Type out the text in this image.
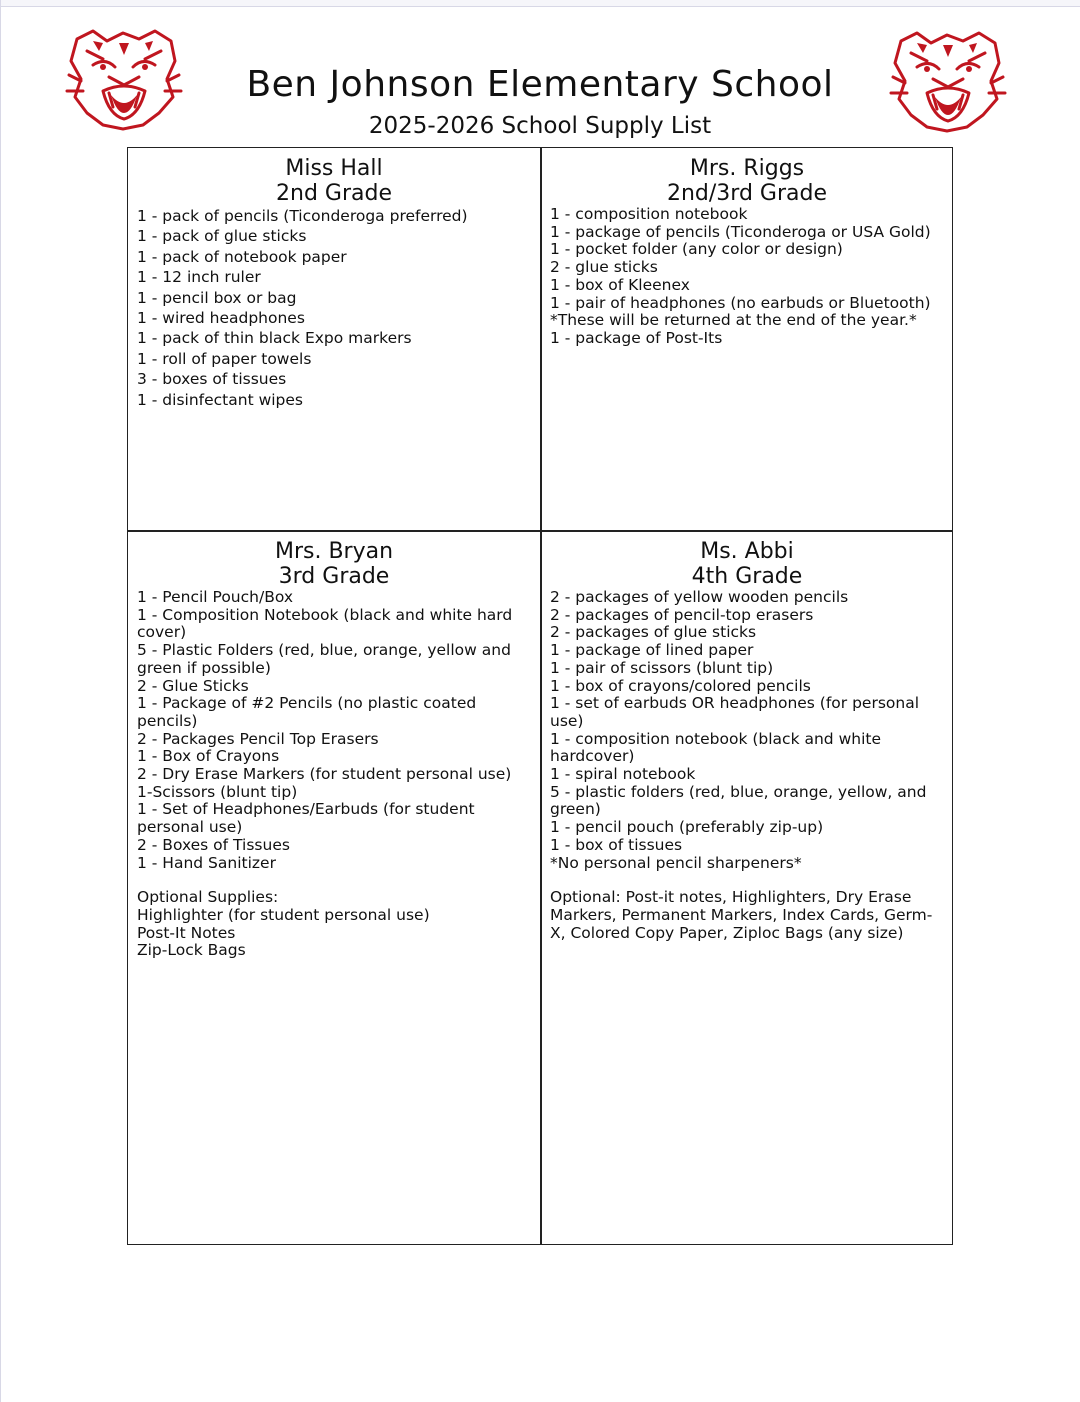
Ben Johnson Elementary School
2025-2026 School Supply List

Miss Hall

2nd Grade

1 - pack of pencils (Ticonderoga preferred)
1 - pack of glue sticks
1 - pack of notebook paper
1 - 12 inch ruler
1 - pencil box or bag
1 - wired headphones
1 - pack of thin black Expo markers
1 - roll of paper towels
3 - boxes of tissues
1 - disinfectant wipes

Mrs. Riggs

2nd/3rd Grade

1 - composition notebook
1 - package of pencils (Ticonderoga or USA Gold)
1 - pocket folder (any color or design)
2 - glue sticks
1 - box of Kleenex
1 - pair of headphones (no earbuds or Bluetooth) *These will be returned at the end of the year.*
1 - package of Post-Its

Mrs. Bryan

3rd Grade

1 - Pencil Pouch/Box
1 - Composition Notebook (black and white hard cover)
5 - Plastic Folders (red, blue, orange, yellow and green if possible)
2 - Glue Sticks
1 - Package of #2 Pencils (no plastic coated pencils)
2 - Packages Pencil Top Erasers
1 - Box of Crayons
2 - Dry Erase Markers (for student personal use)
1-Scissors (blunt tip)
1 - Set of Headphones/Earbuds (for student personal use)
2 - Boxes of Tissues
1 - Hand Sanitizer
Optional Supplies:
Highlighter (for student personal use)
Post-It Notes
Zip-Lock Bags

Ms. Abbi

4th Grade

2 - packages of yellow wooden pencils
2 - packages of pencil-top erasers
2 - packages of glue sticks
1 - package of lined paper
1 - pair of scissors (blunt tip)
1 - box of crayons/colored pencils
1 - set of earbuds OR headphones (for personal use)
1 - composition notebook (black and white hardcover)
1 - spiral notebook
5 - plastic folders (red, blue, orange, yellow, and green)
1 - pencil pouch (preferably zip-up)
1 - box of tissues
*No personal pencil sharpeners*
Optional: Post-it notes, Highlighters, Dry Erase Markers, Permanent Markers, Index Cards, Germ-X, Colored Copy Paper, Ziploc Bags (any size)
